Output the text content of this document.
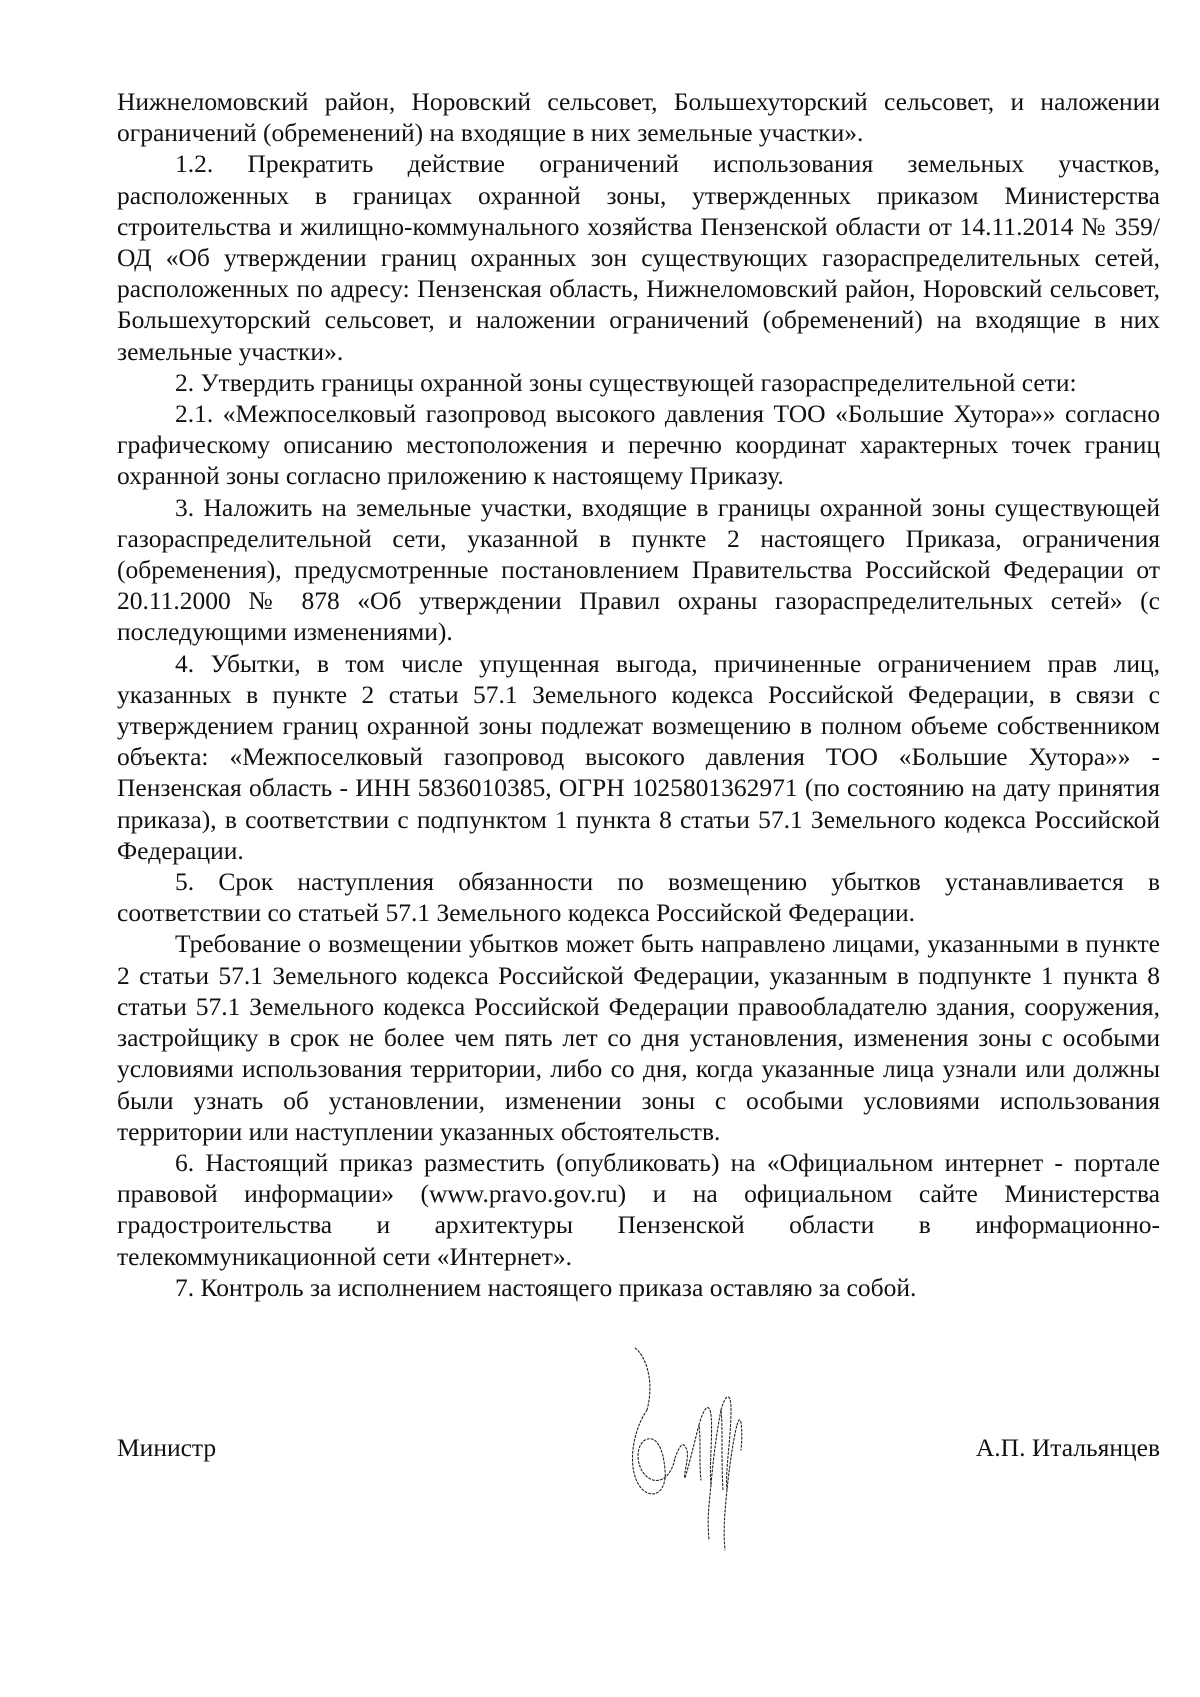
Нижнеломовский район, Норовский сельсовет, Большехуторский сельсовет, и наложении ограничений (обременений) на входящие в них земельные участки».

1.2. Прекратить действие ограничений использования земельных участков, расположенных в границах охранной зоны, утвержденных приказом Министерства строительства и жилищно-коммунального хозяйства Пензенской области от 14.11.2014 № 359/ОД «Об утверждении границ охранных зон существующих газораспределительных сетей, расположенных по адресу: Пензенская область, Нижнеломовский район, Норовский сельсовет, Большехуторский сельсовет, и наложении ограничений (обременений) на входящие в них земельные участки».

2. Утвердить границы охранной зоны существующей газораспределительной сети:

2.1. «Межпоселковый газопровод высокого давления ТОО «Большие Хутора»» согласно графическому описанию местоположения и перечню координат характерных точек границ охранной зоны согласно приложению к настоящему Приказу.

3. Наложить на земельные участки, входящие в границы охранной зоны существующей газораспределительной сети, указанной в пункте 2 настоящего Приказа, ограничения (обременения), предусмотренные постановлением Правительства Российской Федерации от 20.11.2000 № 878 «Об утверждении Правил охраны газораспределительных сетей» (с последующими изменениями).

4. Убытки, в том числе упущенная выгода, причиненные ограничением прав лиц, указанных в пункте 2 статьи 57.1 Земельного кодекса Российской Федерации, в связи с утверждением границ охранной зоны подлежат возмещению в полном объеме собственником объекта: «Межпоселковый газопровод высокого давления ТОО «Большие Хутора»» - Пензенская область - ИНН 5836010385, ОГРН 1025801362971 (по состоянию на дату принятия приказа), в соответствии с подпунктом 1 пункта 8 статьи 57.1 Земельного кодекса Российской Федерации.

5. Срок наступления обязанности по возмещению убытков устанавливается в соответствии со статьей 57.1 Земельного кодекса Российской Федерации.

Требование о возмещении убытков может быть направлено лицами, указанными в пункте 2 статьи 57.1 Земельного кодекса Российской Федерации, указанным в подпункте 1 пункта 8 статьи 57.1 Земельного кодекса Российской Федерации правообладателю здания, сооружения, застройщику в срок не более чем пять лет со дня установления, изменения зоны с особыми условиями использования территории, либо со дня, когда указанные лица узнали или должны были узнать об установлении, изменении зоны с особыми условиями использования территории или наступлении указанных обстоятельств.

6. Настоящий приказ разместить (опубликовать) на «Официальном интернет - портале правовой информации» (www.pravo.gov.ru) и на официальном сайте Министерства градостроительства и архитектуры Пензенской области в информационно-телекоммуникационной сети «Интернет».

7. Контроль за исполнением настоящего приказа оставляю за собой.

Министр	А.П. Итальянцев
